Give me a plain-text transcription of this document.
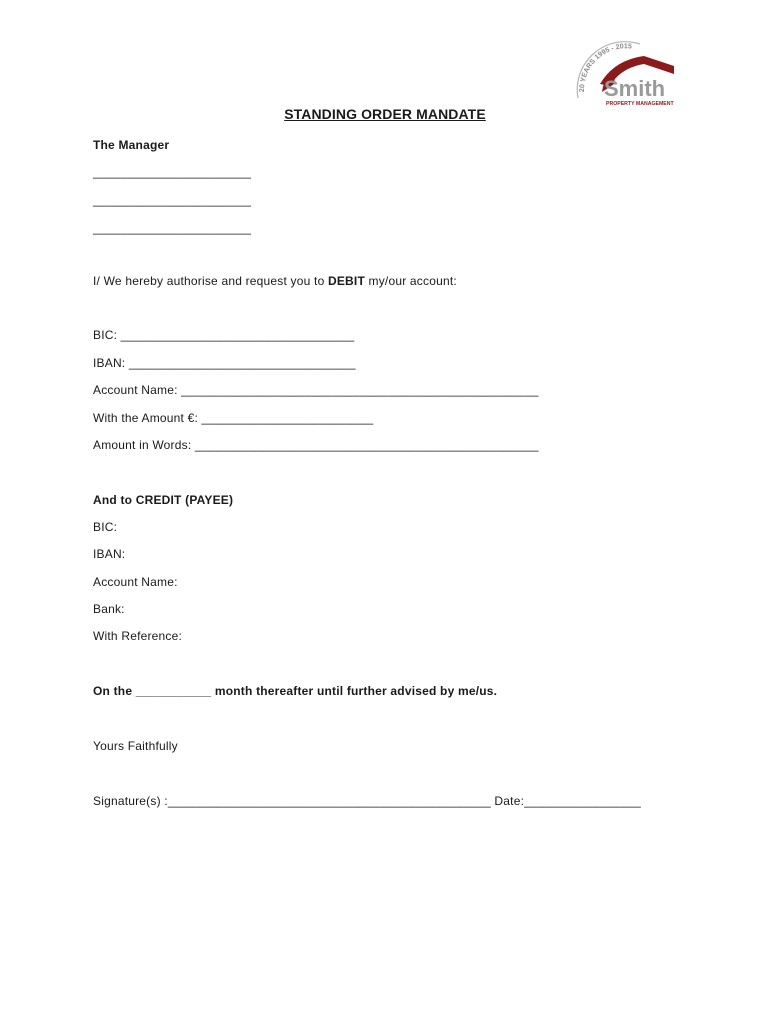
20 YEARS 1995 - 2015
Smith
PROPERTY MANAGEMENT
STANDING ORDER MANDATE
The Manager
_______________________
_______________________
_______________________
I/ We hereby authorise and request you to DEBIT my/our account:
BIC: __________________________________
IBAN: _________________________________
Account Name: ____________________________________________________
With the Amount €: _________________________
Amount in Words: __________________________________________________
And to CREDIT (PAYEE)
BIC:
IBAN:
Account Name:
Bank:
With Reference:
On the ___________ month thereafter until further advised by me/us.
Yours Faithfully
Signature(s) :_______________________________________________ Date:_________________
